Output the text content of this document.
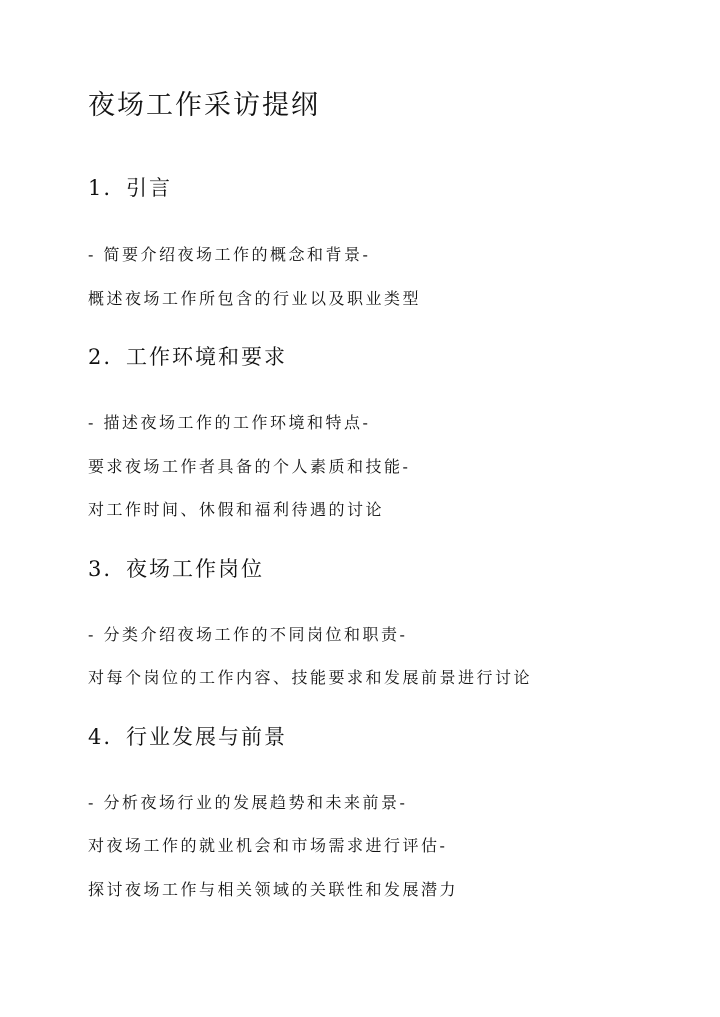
夜场工作采访提纲
1. 引言

- 简要介绍夜场工作的概念和背景-

概述夜场工作所包含的行业以及职业类型

2. 工作环境和要求

- 描述夜场工作的工作环境和特点-

要求夜场工作者具备的个人素质和技能-

对工作时间、休假和福利待遇的讨论

3. 夜场工作岗位

- 分类介绍夜场工作的不同岗位和职责-

对每个岗位的工作内容、技能要求和发展前景进行讨论

4. 行业发展与前景

- 分析夜场行业的发展趋势和未来前景-

对夜场工作的就业机会和市场需求进行评估-

探讨夜场工作与相关领域的关联性和发展潜力
